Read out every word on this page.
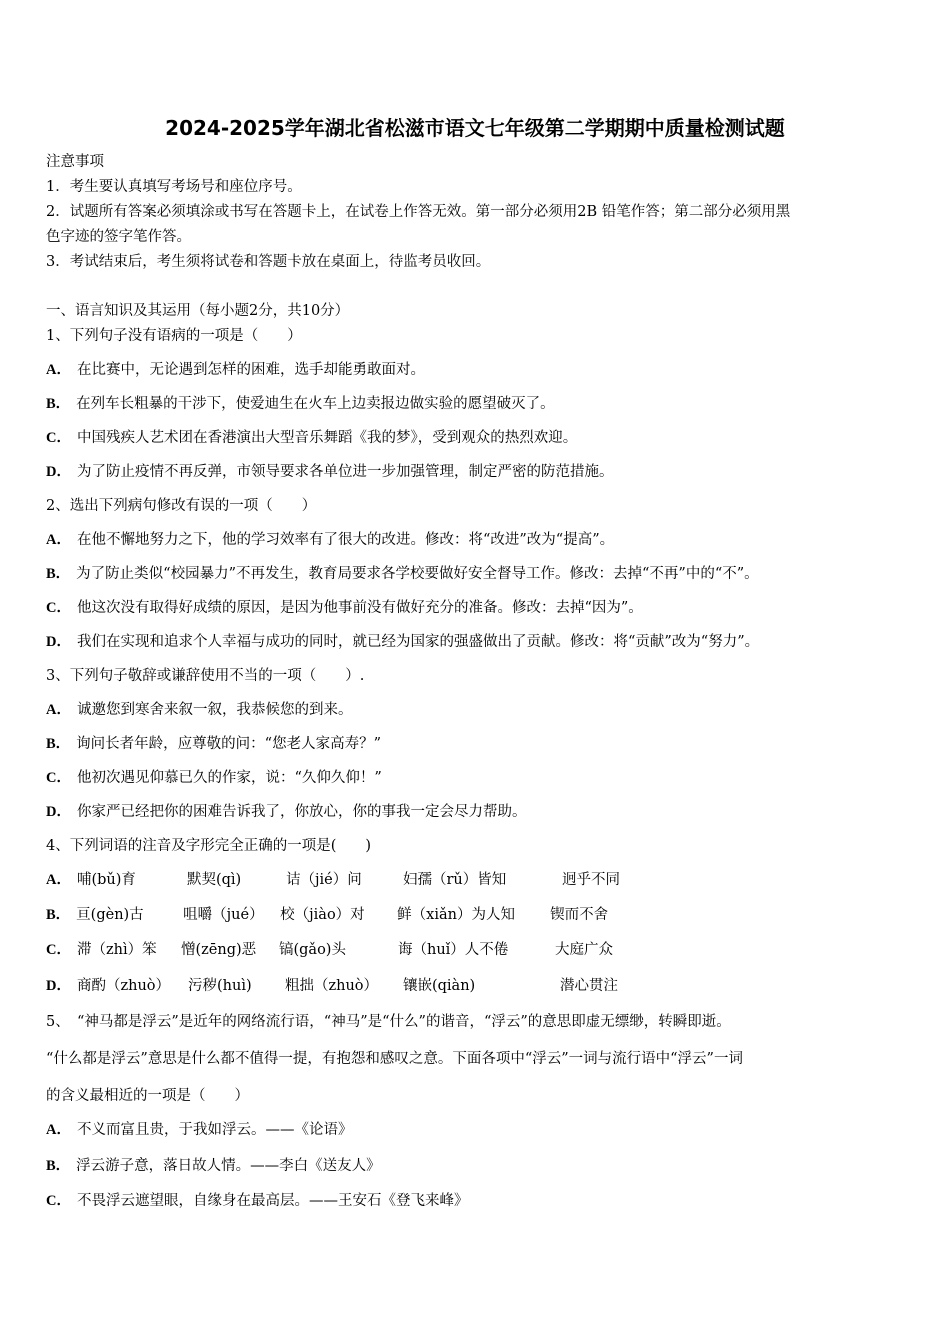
2024-2025学年湖北省松滋市语文七年级第二学期期中质量检测试题
注意事项
1．考生要认真填写考场号和座位序号。
2．试题所有答案必须填涂或书写在答题卡上，在试卷上作答无效。第一部分必须用2B 铅笔作答；第二部分必须用黑
色字迹的签字笔作答。
3．考试结束后，考生须将试卷和答题卡放在桌面上，待监考员收回。
一、语言知识及其运用（每小题2分，共10分）
1、下列句子没有语病的一项是（　　）
A． 在比赛中，无论遇到怎样的困难，选手却能勇敢面对。
B． 在列车长粗暴的干涉下，使爱迪生在火车上边卖报边做实验的愿望破灭了。
C． 中国残疾人艺术团在香港演出大型音乐舞蹈《我的梦》，受到观众的热烈欢迎。
D． 为了防止疫情不再反弹，市领导要求各单位进一步加强管理，制定严密的防范措施。
2、选出下列病句修改有误的一项（　　）
A． 在他不懈地努力之下，他的学习效率有了很大的改进。修改：将“改进”改为“提高”。
B． 为了防止类似“校园暴力”不再发生，教育局要求各学校要做好安全督导工作。修改：去掉“不再”中的“不”。
C． 他这次没有取得好成绩的原因，是因为他事前没有做好充分的准备。修改：去掉“因为”。
D． 我们在实现和追求个人幸福与成功的同时，就已经为国家的强盛做出了贡献。修改：将“贡献”改为“努力”。
3、下列句子敬辞或谦辞使用不当的一项（　　）.
A． 诚邀您到寒舍来叙一叙，我恭候您的到来。
B． 询问长者年龄，应尊敬的问：“您老人家高寿？”
C． 他初次遇见仰慕已久的作家，说：“久仰久仰！”
D． 你家严已经把你的困难告诉我了，你放心，你的事我一定会尽力帮助。
4、下列词语的注音及字形完全正确的一项是(　　)
A． 哺(bǔ)育	默契(qì)	诘（jié）问	妇孺（rǔ）皆知	迥乎不同
B． 亘(gèn)古	咀嚼（jué） 校（jiào）对 鲜（xiǎn）为人知 锲而不舍
C． 滞（zhì）笨 憎(zēng)恶 镐(gǎo)头	诲（huǐ）人不倦	大庭广众
D． 商酌（zhuò） 污秽(huì) 粗拙（zhuò） 镶嵌(qiàn)	潜心贯注
5、　“神马都是浮云”是近年的网络流行语，“神马”是“什么”的谐音，“浮云”的意思即虚无缥缈，转瞬即逝。
“什么都是浮云”意思是什么都不值得一提，有抱怨和感叹之意。下面各项中“浮云”一词与流行语中“浮云”一词
的含义最相近的一项是（　　）
A． 不义而富且贵，于我如浮云。——《论语》
B． 浮云游子意，落日故人情。——李白《送友人》
C． 不畏浮云遮望眼，自缘身在最高层。——王安石《登飞来峰》
